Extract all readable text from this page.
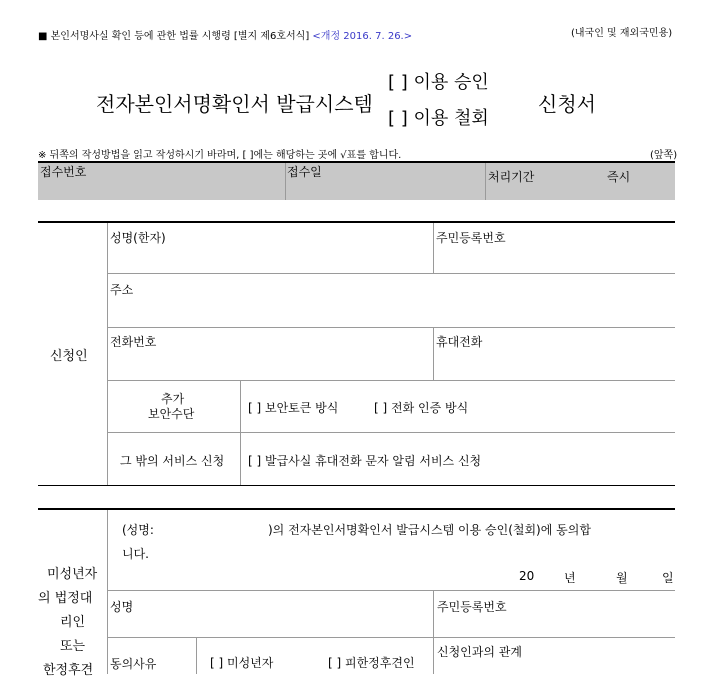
■ 본인서명사실 확인 등에 관한 법률 시행령 [별지 제6호서식] <개정 2016. 7. 26.>	(내국인 및 재외국민용)
전자본인서명확인서 발급시스템
[ ] 이용 승인
[ ] 이용 철회
신청서
※ 뒤쪽의 작성방법을 읽고 작성하시기 바라며, [ ]에는 해당하는 곳에 √표를 합니다.	(앞쪽)
접수번호	접수일	처리기간	즉시
신청인
성명(한자)	주민등록번호
주소
전화번호	휴대전화
추가
보안수단	[ ] 보안토큰 방식	[ ] 전화 인증 방식
그 밖의 서비스 신청 [ ] 발급사실 휴대전화 문자 알림 서비스 신청
미성년자
의 법정대
리인
또는
한정후견
(성명:	)의 전자본인서명확인서 발급시스템 이용 승인(철회)에 동의합
니다.
20 년	월	일
성명	주민등록번호
동의사유	[ ] 미성년자	[ ] 피한정후견인
신청인과의 관계
